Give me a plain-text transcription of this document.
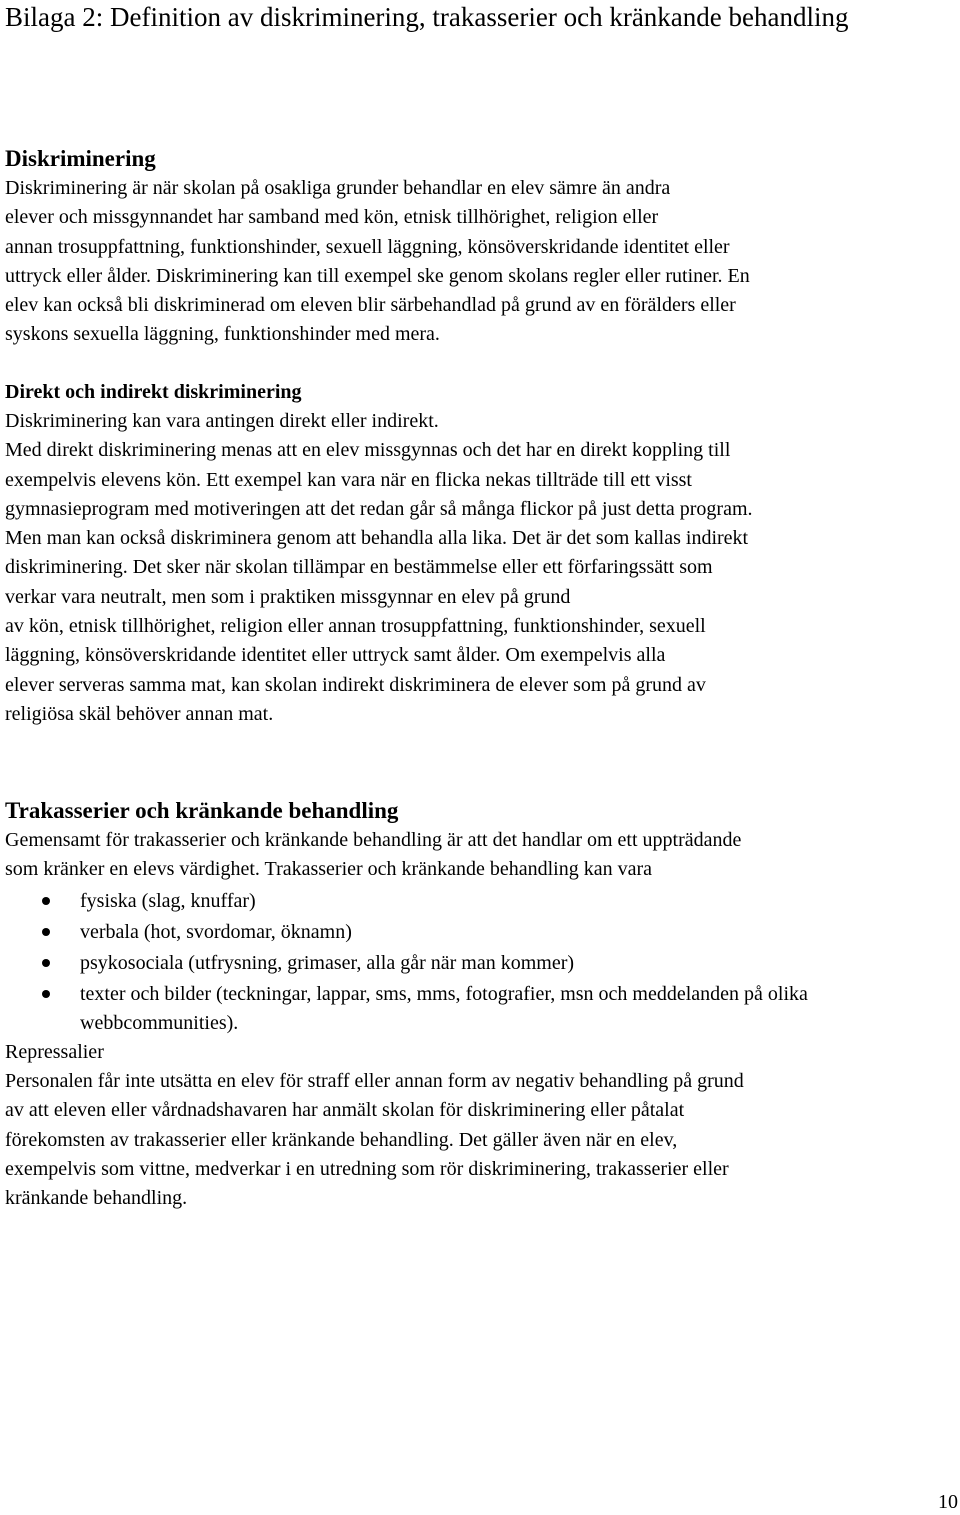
Bilaga 2: Definition av diskriminering, trakasserier och kränkande behandling
Diskriminering
Diskriminering är när skolan på osakliga grunder behandlar en elev sämre än andra
elever och missgynnandet har samband med kön, etnisk tillhörighet, religion eller
annan trosuppfattning, funktionshinder, sexuell läggning, könsöverskridande identitet eller
uttryck eller ålder. Diskriminering kan till exempel ske genom skolans regler eller rutiner. En
elev kan också bli diskriminerad om eleven blir särbehandlad på grund av en förälders eller
syskons sexuella läggning, funktionshinder med mera.
Direkt och indirekt diskriminering
Diskriminering kan vara antingen direkt eller indirekt.
Med direkt diskriminering menas att en elev missgynnas och det har en direkt koppling till
exempelvis elevens kön. Ett exempel kan vara när en flicka nekas tillträde till ett visst
gymnasieprogram med motiveringen att det redan går så många flickor på just detta program.
Men man kan också diskriminera genom att behandla alla lika. Det är det som kallas indirekt
diskriminering. Det sker när skolan tillämpar en bestämmelse eller ett förfaringssätt som
verkar vara neutralt, men som i praktiken missgynnar en elev på grund
av kön, etnisk tillhörighet, religion eller annan trosuppfattning, funktionshinder, sexuell
läggning, könsöverskridande identitet eller uttryck samt ålder. Om exempelvis alla
elever serveras samma mat, kan skolan indirekt diskriminera de elever som på grund av
religiösa skäl behöver annan mat.
Trakasserier och kränkande behandling
Gemensamt för trakasserier och kränkande behandling är att det handlar om ett uppträdande
som kränker en elevs värdighet. Trakasserier och kränkande behandling kan vara
fysiska (slag, knuffar)
verbala (hot, svordomar, öknamn)
psykosociala (utfrysning, grimaser, alla går när man kommer)
texter och bilder (teckningar, lappar, sms, mms, fotografier, msn och meddelanden på olika webbcommunities).
Repressalier
Personalen får inte utsätta en elev för straff eller annan form av negativ behandling på grund
av att eleven eller vårdnadshavaren har anmält skolan för diskriminering eller påtalat
förekomsten av trakasserier eller kränkande behandling. Det gäller även när en elev,
exempelvis som vittne, medverkar i en utredning som rör diskriminering, trakasserier eller
kränkande behandling.
10
